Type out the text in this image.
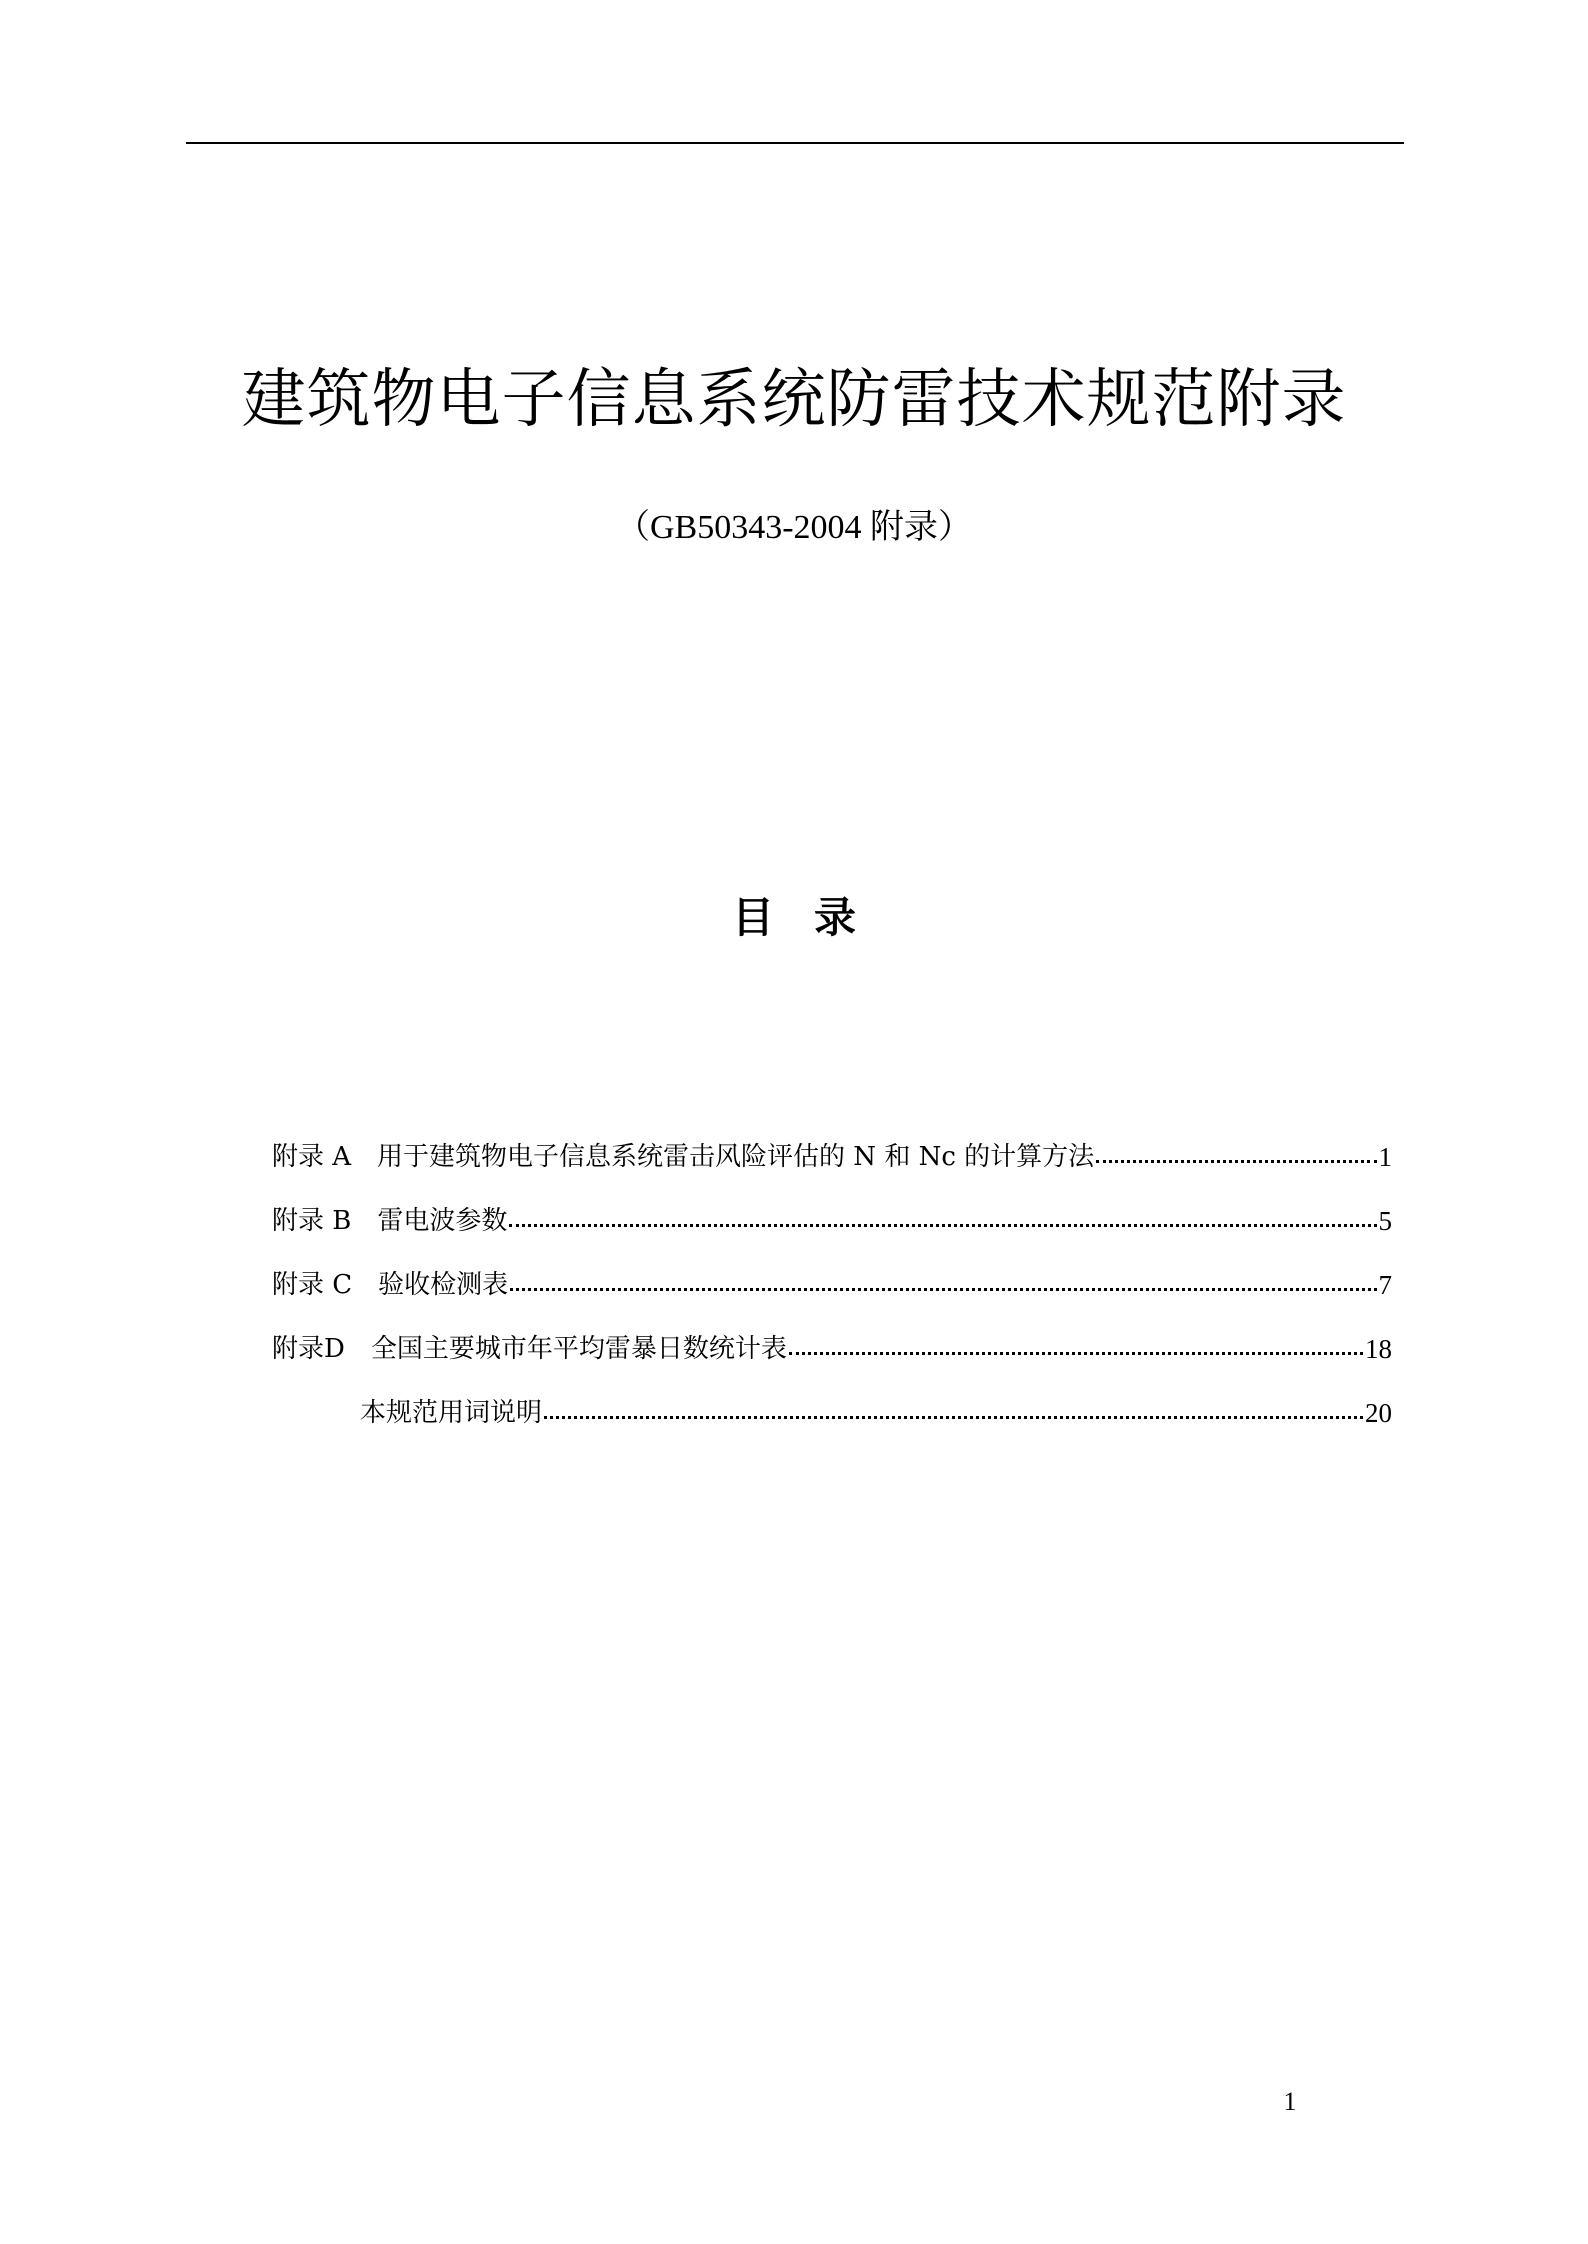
建筑物电子信息系统防雷技术规范附录
（GB50343-2004 附录）
目录
附录 A 用于建筑物电子信息系统雷击风险评估的 N 和 Nc 的计算方法	1
附录 B 雷电波参数	5
附录 C 验收检测表	7
附录D 全国主要城市年平均雷暴日数统计表	18
本规范用词说明	20
1
